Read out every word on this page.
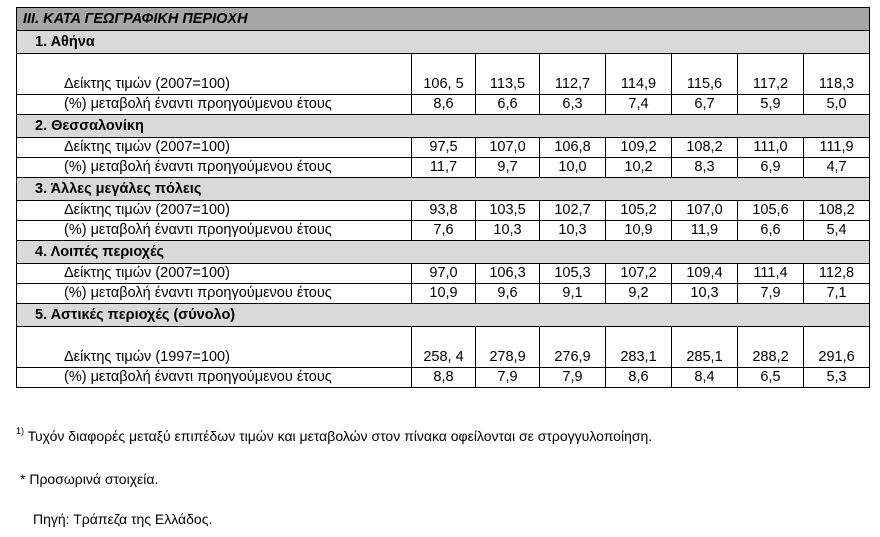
III. ΚΑΤΑ ΓΕΩΓΡΑΦΙΚΗ ΠΕΡΙΟΧΗ							
1. Αθήνα							

Δείκτης τιμών (2007=100)	106, 5	113,5	112,7	114,9	115,6	117,2	118,3

(%) μεταβολή έναντι προηγούμενου έτους	8,6	6,6	6,3	7,4	6,7	5,9	5,0
2. Θεσσαλονίκη							

Δείκτης τιμών (2007=100)	97,5	107,0	106,8	109,2	108,2	111,0	111,9

(%) μεταβολή έναντι προηγούμενου έτους	11,7	9,7	10,0	10,2	8,3	6,9	4,7
3. Άλλες μεγάλες πόλεις							

Δείκτης τιμών (2007=100)	93,8	103,5	102,7	105,2	107,0	105,6	108,2

(%) μεταβολή έναντι προηγούμενου έτους	7,6	10,3	10,3	10,9	11,9	6,6	5,4
4. Λοιπές περιοχές							

Δείκτης τιμών (2007=100)	97,0	106,3	105,3	107,2	109,4	111,4	112,8

(%) μεταβολή έναντι προηγούμενου έτους	10,9	9,6	9,1	9,2	10,3	7,9	7,1
5. Αστικές περιοχές (σύνολο)							

Δείκτης τιμών (1997=100)	258, 4	278,9	276,9	283,1	285,1	288,2	291,6

(%) μεταβολή έναντι προηγούμενου έτους	8,8	7,9	7,9	8,6	8,4	6,5	5,3
$^{1)}$ Τυχόν διαφορές μεταξύ επιπέδων τιμών και μεταβολών στον πίνακα οφείλονται σε στρογγυλοποίηση.
* Προσωρινά στοιχεία.
Πηγή: Τράπεζα της Ελλάδος.
